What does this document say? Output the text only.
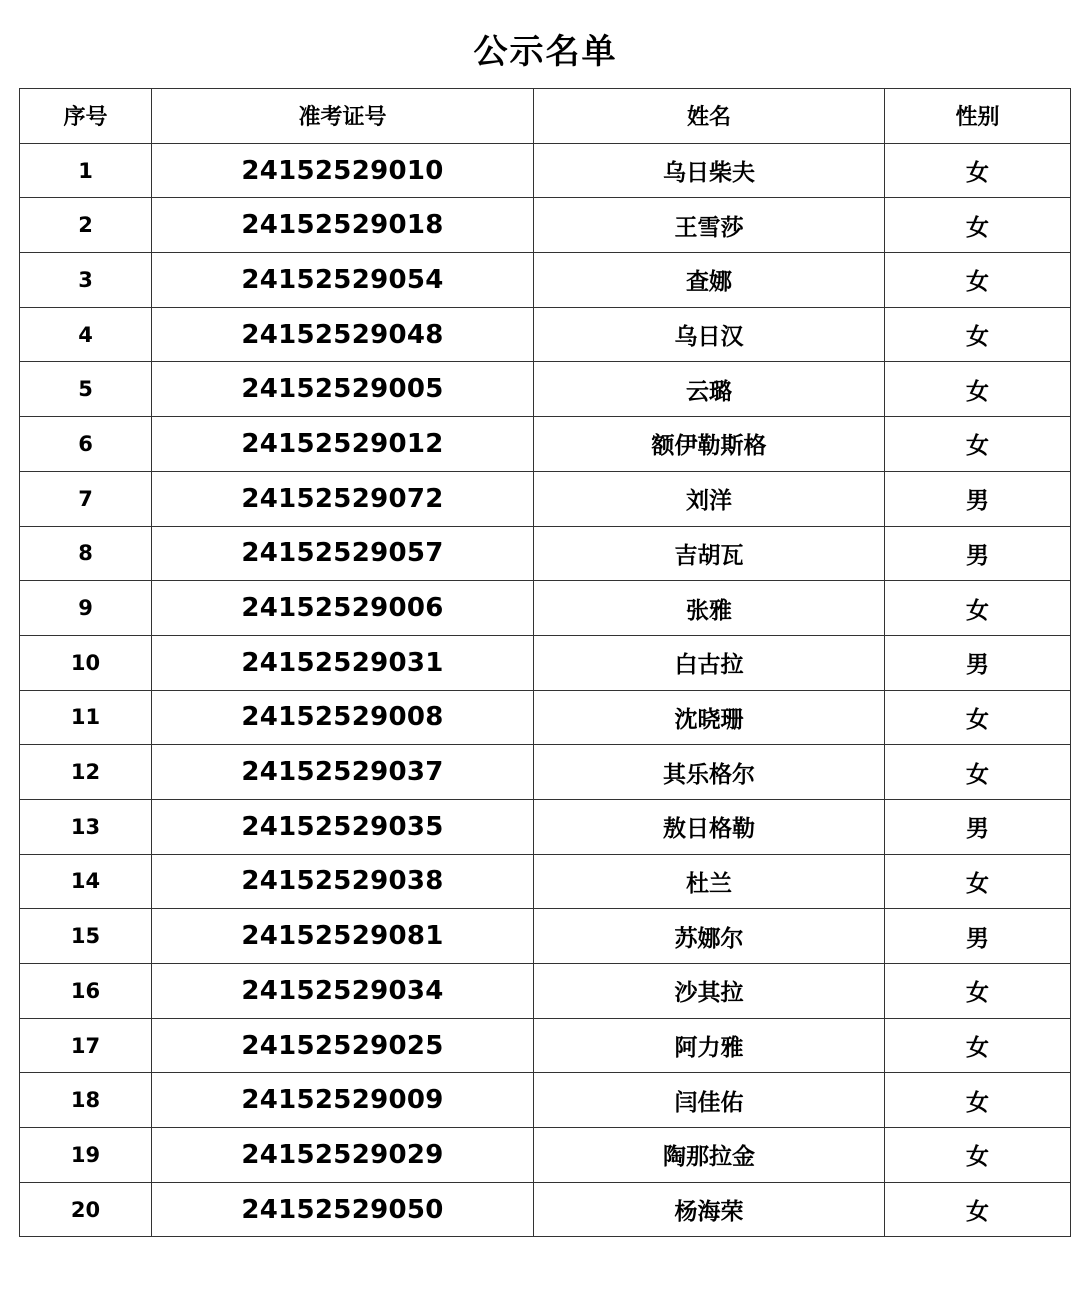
公示名单
序号	准考证号	姓名	性别
1	24152529010	乌日柴夫	女
2	24152529018	王雪莎	女
3	24152529054	查娜	女
4	24152529048	乌日汉	女
5	24152529005	云璐	女
6	24152529012	额伊勒斯格	女
7	24152529072	刘洋	男
8	24152529057	吉胡瓦	男
9	24152529006	张雅	女
10	24152529031	白古拉	男
11	24152529008	沈晓珊	女
12	24152529037	其乐格尔	女
13	24152529035	敖日格勒	男
14	24152529038	杜兰	女
15	24152529081	苏娜尔	男
16	24152529034	沙其拉	女
17	24152529025	阿力雅	女
18	24152529009	闫佳佑	女
19	24152529029	陶那拉金	女
20	24152529050	杨海荣	女
